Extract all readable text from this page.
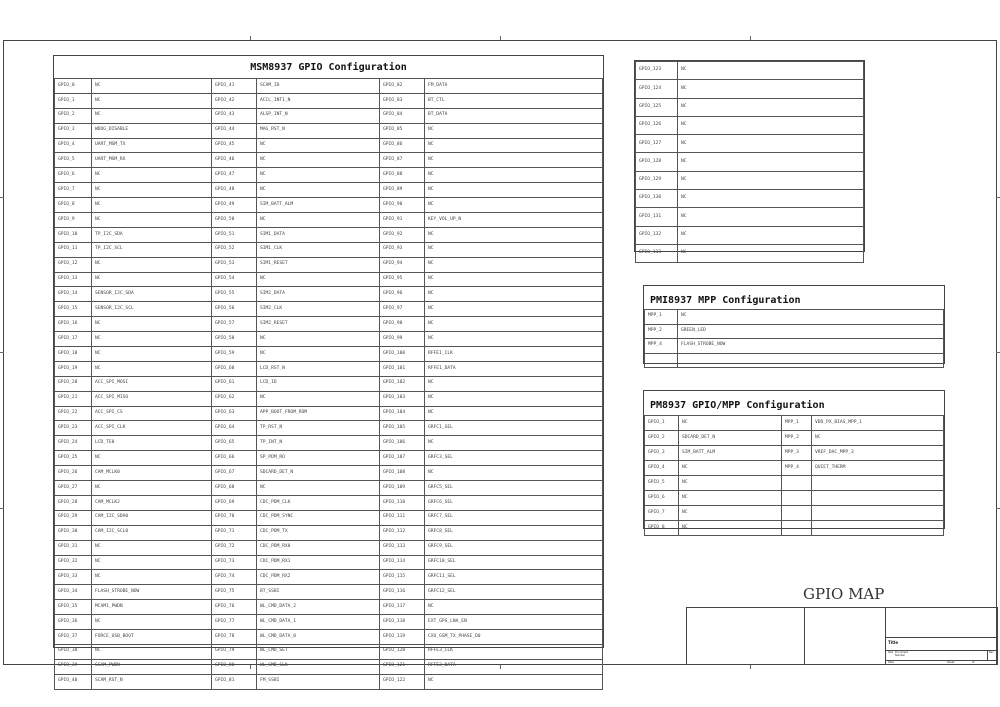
MSM8937 GPIO Configuration
GPIO_0	NC	GPIO_41	SCAM_ID	GPIO_82	FM_DATA
GPIO_1	NC	GPIO_42	ACCL_INT1_N	GPIO_83	BT_CTL
GPIO_2	NC	GPIO_43	ALSP_INT_N	GPIO_84	BT_DATA
GPIO_3	WDOG_DISABLE	GPIO_44	MAG_RST_N	GPIO_85	NC
GPIO_4	UART_MSM_TX	GPIO_45	NC	GPIO_86	NC
GPIO_5	UART_MSM_RX	GPIO_46	NC	GPIO_87	NC
GPIO_6	NC	GPIO_47	NC	GPIO_88	NC
GPIO_7	NC	GPIO_48	NC	GPIO_89	NC
GPIO_8	NC	GPIO_49	SIM_BATT_ALM	GPIO_90	NC
GPIO_9	NC	GPIO_50	NC	GPIO_91	KEY_VOL_UP_N
GPIO_10	TP_I2C_SDA	GPIO_51	SIM1_DATA	GPIO_92	NC
GPIO_11	TP_I2C_SCL	GPIO_52	SIM1_CLK	GPIO_93	NC
GPIO_12	NC	GPIO_53	SIM1_RESET	GPIO_94	NC
GPIO_13	NC	GPIO_54	NC	GPIO_95	NC
GPIO_14	SENSOR_I2C_SDA	GPIO_55	SIM2_DATA	GPIO_96	NC
GPIO_15	SENSOR_I2C_SCL	GPIO_56	SIM2_CLK	GPIO_97	NC
GPIO_16	NC	GPIO_57	SIM2_RESET	GPIO_98	NC
GPIO_17	NC	GPIO_58	NC	GPIO_99	NC
GPIO_18	NC	GPIO_59	NC	GPIO_100	RFFE1_CLK
GPIO_19	NC	GPIO_60	LCD_RST_N	GPIO_101	RFFE1_DATA
GPIO_20	ACC_SPI_MOSI	GPIO_61	LCD_ID	GPIO_102	NC
GPIO_21	ACC_SPI_MISO	GPIO_62	NC	GPIO_103	NC
GPIO_22	ACC_SPI_CS	GPIO_63	APP_BOOT_FROM_ROM	GPIO_104	NC
GPIO_23	ACC_SPI_CLK	GPIO_64	TP_RST_N	GPIO_105	GRFC1_SEL
GPIO_24	LCD_TE0	GPIO_65	TP_INT_N	GPIO_106	NC
GPIO_25	NC	GPIO_66	SP_PDM_RO	GPIO_107	GRFC3_SEL
GPIO_26	CAM_MCLK0	GPIO_67	SDCARD_DET_N	GPIO_108	NC
GPIO_27	NC	GPIO_68	NC	GPIO_109	GRFC5_SEL
GPIO_28	CAM_MCLK2	GPIO_69	CDC_PDM_CLK	GPIO_110	GRFC6_SEL
GPIO_29	CAM_I2C_SDA0	GPIO_70	CDC_PDM_SYNC	GPIO_111	GRFC7_SEL
GPIO_30	CAM_I2C_SCL0	GPIO_71	CDC_PDM_TX	GPIO_112	GRFC8_SEL
GPIO_31	NC	GPIO_72	CDC_PDM_RX0	GPIO_113	GRFC9_SEL
GPIO_32	NC	GPIO_73	CDC_PDM_RX1	GPIO_114	GRFC10_SEL
GPIO_33	NC	GPIO_74	CDC_PDM_RX2	GPIO_115	GRFC11_SEL
GPIO_34	FLASH_STROBE_NOW	GPIO_75	BT_SSBI	GPIO_116	GRFC12_SEL
GPIO_35	MCAM1_PWDN	GPIO_76	WL_CMD_DATA_2	GPIO_117	NC
GPIO_36	NC	GPIO_77	WL_CMD_DATA_1	GPIO_118	EXT_GPS_LNA_EN
GPIO_37	FORCE_USB_BOOT	GPIO_78	WL_CMD_DATA_0	GPIO_119	CXO_GSM_TX_PHASE_D0
GPIO_38	NC	GPIO_79	WL_CMD_SET	GPIO_120	RFFE3_CLK
GPIO_39	SCAM_PWDN	GPIO_80	WL_CMD_CLK	GPIO_121	RFFE3_DATA
GPIO_40	SCAM_RST_N	GPIO_81	FM_SSBI	GPIO_122	NC
GPIO_123	NC
GPIO_124	NC
GPIO_125	NC
GPIO_126	NC
GPIO_127	NC
GPIO_128	NC
GPIO_129	NC
GPIO_130	NC
GPIO_131	NC
GPIO_132	NC
GPIO_133	NC
PMI8937 MPP Configuration
MPP_1	NC
MPP_2	GREEN_LED
MPP_4	FLASH_STROBE_NOW

PM8937 GPIO/MPP Configuration
GPIO_1	NC	MPP_1	VDD_PX_BIAS_MPP_1
GPIO_2	SDCARD_DET_N	MPP_2	NC
GPIO_3	SIM_BATT_ALM	MPP_3	VREF_DAC_MPP_3
GPIO_4	NC	MPP_4	QUIET_THERM
GPIO_5	NC		
GPIO_6	NC		
GPIO_7	NC		
GPIO_8	NC		
GPIO MAP
Title
Size Document
Number
Rev
Date	Sheet	of
